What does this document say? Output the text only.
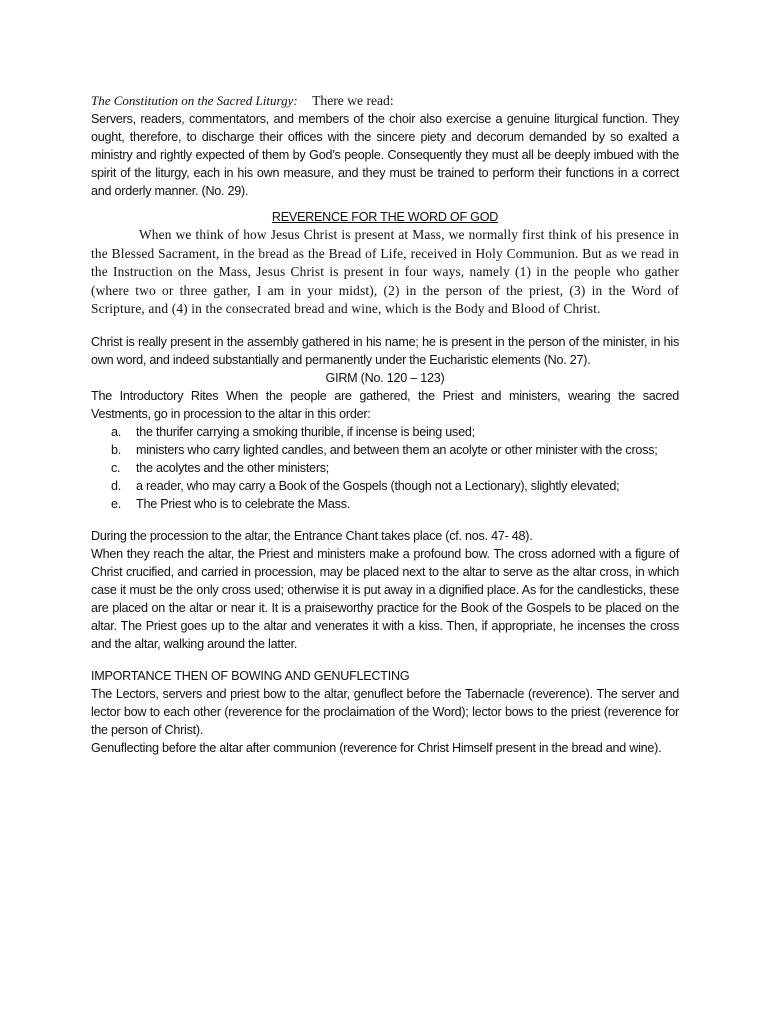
The Constitution on the Sacred Liturgy: There we read:

Servers, readers, commentators, and members of the choir also exercise a genuine liturgical function. They ought, therefore, to discharge their offices with the sincere piety and decorum demanded by so exalted a ministry and rightly expected of them by God’s people. Consequently they must all be deeply imbued with the spirit of the liturgy, each in his own measure, and they must be trained to perform their functions in a correct and orderly manner. (No. 29).

REVERENCE FOR THE WORD OF GOD

When we think of how Jesus Christ is present at Mass, we normally first think of his presence in the Blessed Sacrament, in the bread as the Bread of Life, received in Holy Communion. But as we read in the Instruction on the Mass, Jesus Christ is present in four ways, namely (1) in the people who gather (where two or three gather, I am in your midst), (2) in the person of the priest, (3) in the Word of Scripture, and (4) in the consecrated bread and wine, which is the Body and Blood of Christ.

Christ is really present in the assembly gathered in his name; he is present in the person of the minister, in his own word, and indeed substantially and permanently under the Eucharistic elements (No. 27).

GIRM (No. 120 – 123)

The Introductory Rites When the people are gathered, the Priest and ministers, wearing the sacred Vestments, go in procession to the altar in this order:

a. the thurifer carrying a smoking thurible, if incense is being used;
b. ministers who carry lighted candles, and between them an acolyte or other minister with the cross;
c. the acolytes and the other ministers;
d. a reader, who may carry a Book of the Gospels (though not a Lectionary), slightly elevated;
e. The Priest who is to celebrate the Mass.

During the procession to the altar, the Entrance Chant takes place (cf. nos. 47- 48).

When they reach the altar, the Priest and ministers make a profound bow. The cross adorned with a figure of Christ crucified, and carried in procession, may be placed next to the altar to serve as the altar cross, in which case it must be the only cross used; otherwise it is put away in a dignified place. As for the candlesticks, these are placed on the altar or near it. It is a praiseworthy practice for the Book of the Gospels to be placed on the altar. The Priest goes up to the altar and venerates it with a kiss. Then, if appropriate, he incenses the cross and the altar, walking around the latter.

IMPORTANCE THEN OF BOWING AND GENUFLECTING

The Lectors, servers and priest bow to the altar, genuflect before the Tabernacle (reverence). The server and lector bow to each other (reverence for the proclaimation of the Word); lector bows to the priest (reverence for the person of Christ).

Genuflecting before the altar after communion (reverence for Christ Himself present in the bread and wine).
